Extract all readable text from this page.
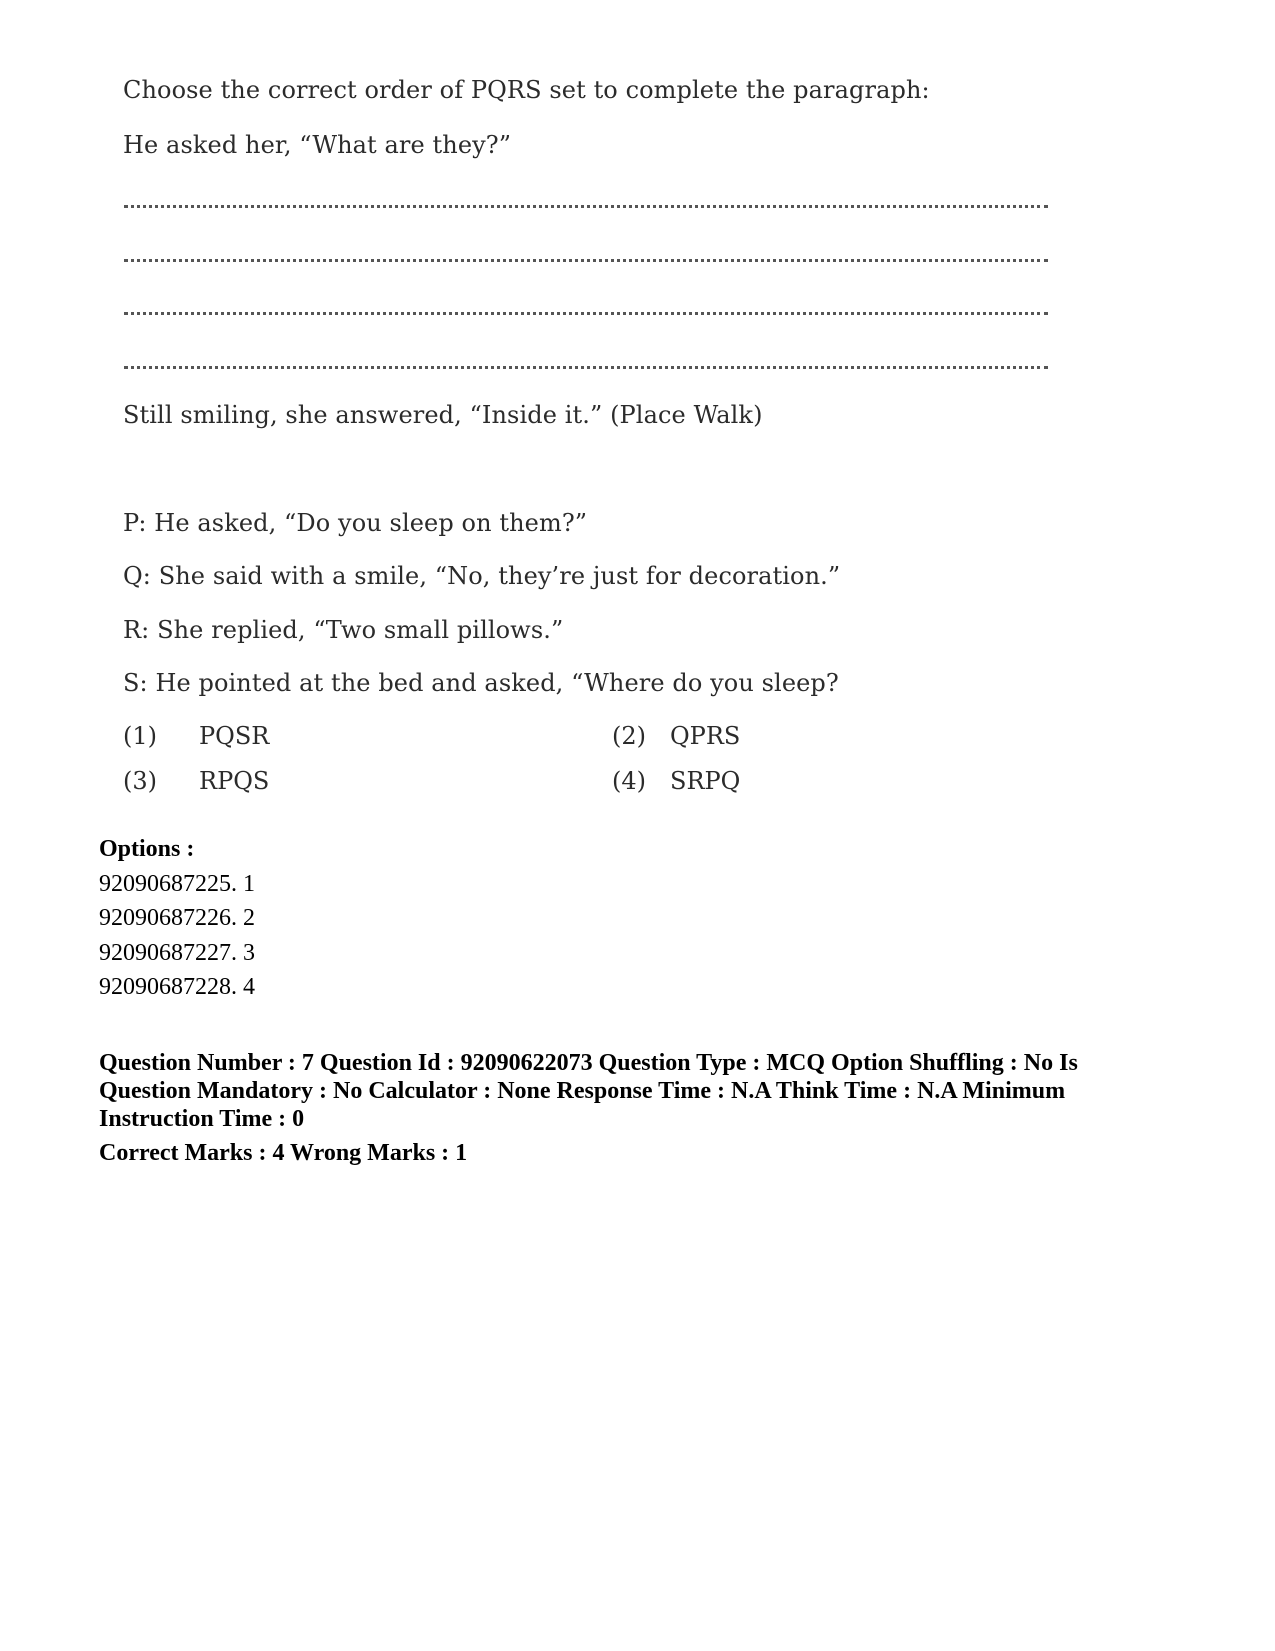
Choose the correct order of PQRS set to complete the paragraph:
He asked her, “What are they?”
Still smiling, she answered, “Inside it.” (Place Walk)
P: He asked, “Do you sleep on them?”
Q: She said with a smile, “No, they’re just for decoration.”
R: She replied, “Two small pillows.”
S: He pointed at the bed and asked, “Where do you sleep?
(1) PQSR	(2) QPRS
(3) RPQS	(4) SRPQ
Options :
92090687225. 1
92090687226. 2
92090687227. 3
92090687228. 4
Question Number : 7 Question Id : 92090622073 Question Type : MCQ Option Shuffling : No Is
Question Mandatory : No Calculator : None Response Time : N.A Think Time : N.A Minimum
Instruction Time : 0
Correct Marks : 4 Wrong Marks : 1
